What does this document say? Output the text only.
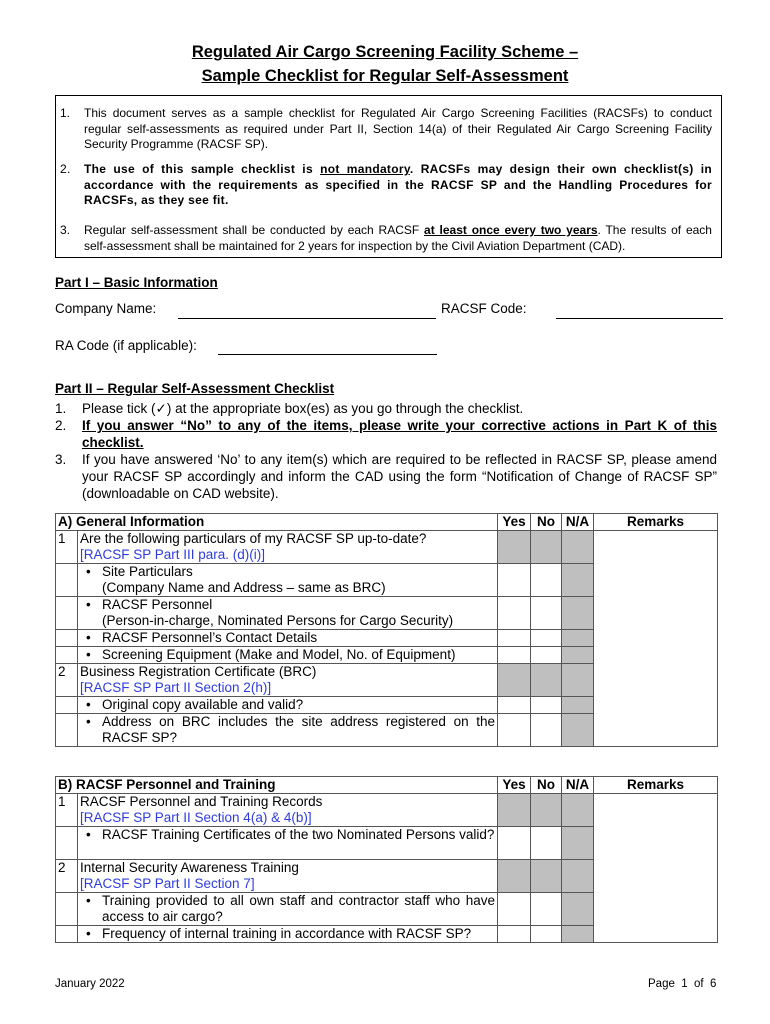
Regulated Air Cargo Screening Facility Scheme –
Sample Checklist for Regular Self-Assessment
1. This document serves as a sample checklist for Regulated Air Cargo Screening Facilities (RACSFs) to conduct regular self-assessments as required under Part II, Section 14(a) of their Regulated Air Cargo Screening Facility Security Programme (RACSF SP).
2. The use of this sample checklist is not mandatory. RACSFs may design their own checklist(s) in accordance with the requirements as specified in the RACSF SP and the Handling Procedures for RACSFs, as they see fit.
3. Regular self-assessment shall be conducted by each RACSF at least once every two years. The results of each self-assessment shall be maintained for 2 years for inspection by the Civil Aviation Department (CAD).
Part I – Basic Information
Company Name:	RACSF Code:
RA Code (if applicable):
Part II – Regular Self-Assessment Checklist
1. Please tick (✓) at the appropriate box(es) as you go through the checklist.
2. If you answer “No” to any of the items, please write your corrective actions in Part K of this checklist.
3. If you have answered ‘No’ to any item(s) which are required to be reflected in RACSF SP, please amend your RACSF SP accordingly and inform the CAD using the form “Notification of Change of RACSF SP” (downloadable on CAD website).
A) General Information		Yes	No	N/A	Remarks
1	Are the following particulars of my RACSF SP up-to-date?
[RACSF SP Part III para. (d)(i)]				

	• Site Particulars
(Company Name and Address – same as BRC)

	• RACSF Personnel
(Person-in-charge, Nominated Persons for Cargo Security)

	• RACSF Personnel’s Contact Details

	• Screening Equipment (Make and Model, No. of Equipment)

2	Business Registration Certificate (BRC)
[RACSF SP Part II Section 2(h)]				

	• Original copy available and valid?

	• Address on BRC includes the site address registered on the RACSF SP?

B) RACSF Personnel and Training		Yes	No	N/A	Remarks
1	RACSF Personnel and Training Records
[RACSF SP Part II Section 4(a) & 4(b)]				

	• RACSF Training Certificates of the two Nominated Persons valid?

2	Internal Security Awareness Training
[RACSF SP Part II Section 7]				

	• Training provided to all own staff and contractor staff who have access to air cargo?

	• Frequency of internal training in accordance with RACSF SP?

January 2022	Page  1  of  6
